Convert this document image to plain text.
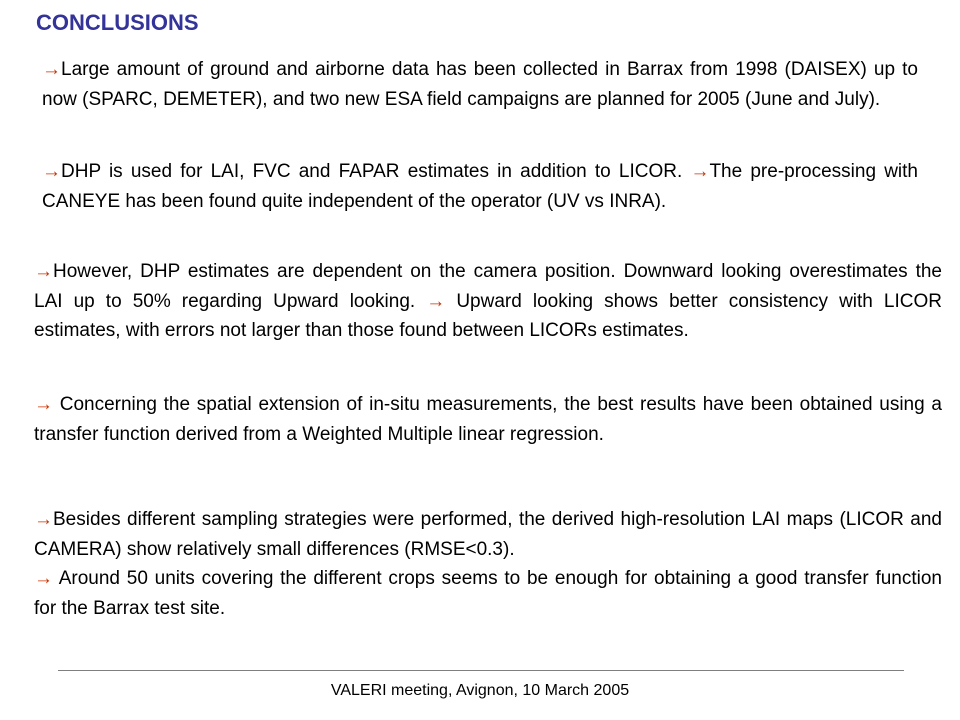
CONCLUSIONS

→Large amount of ground and airborne data has been collected in Barrax from 1998 (DAISEX) up to now (SPARC, DEMETER), and two new ESA field campaigns are planned for 2005 (June and July).

→DHP is used for LAI, FVC and FAPAR estimates in addition to LICOR. →The pre-processing with CANEYE has been found quite independent of the operator (UV vs INRA).

→However, DHP estimates are dependent on the camera position. Downward looking overestimates the LAI up to 50% regarding Upward looking. → Upward looking shows better consistency with LICOR estimates, with errors not larger than those found between LICORs estimates.

→ Concerning the spatial extension of in-situ measurements, the best results have been obtained using a transfer function derived from a Weighted Multiple linear regression.

→Besides different sampling strategies were performed, the derived high-resolution LAI maps (LICOR and CAMERA) show relatively small differences (RMSE<0.3).
→ Around 50 units covering the different crops seems to be enough for obtaining a good transfer function for the Barrax test site.

VALERI meeting, Avignon, 10 March 2005
